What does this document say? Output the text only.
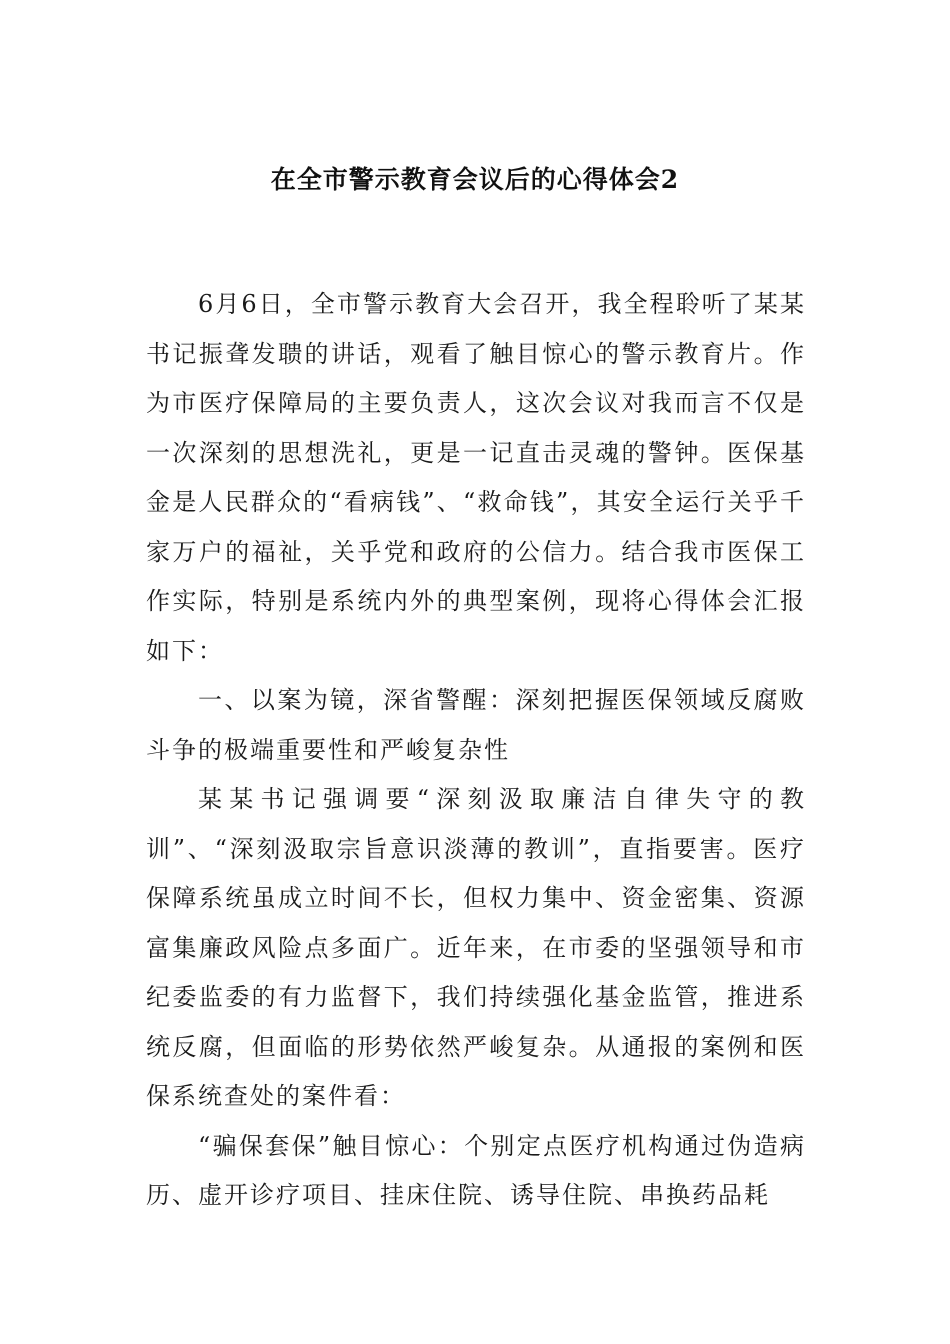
在全市警示教育会议后的心得体会2

6月6日，全市警示教育大会召开，我全程聆听了某某书记振聋发聩的讲话，观看了触目惊心的警示教育片。作为市医疗保障局的主要负责人，这次会议对我而言不仅是一次深刻的思想洗礼，更是一记直击灵魂的警钟。医保基金是人民群众的“看病钱”、“救命钱”，其安全运行关乎千家万户的福祉，关乎党和政府的公信力。结合我市医保工作实际，特别是系统内外的典型案例，现将心得体会汇报如下：

一、以案为镜，深省警醒：深刻把握医保领域反腐败斗争的极端重要性和严峻复杂性

某某书记强调要“深刻汲取廉洁自律失守的教训”、“深刻汲取宗旨意识淡薄的教训”，直指要害。医疗保障系统虽成立时间不长，但权力集中、资金密集、资源富集廉政风险点多面广。近年来，在市委的坚强领导和市纪委监委的有力监督下，我们持续强化基金监管，推进系统反腐，但面临的形势依然严峻复杂。从通报的案例和医保系统查处的案件看：

“骗保套保”触目惊心：个别定点医疗机构通过伪造病历、虚开诊疗项目、挂床住院、诱导住院、串换药品耗
